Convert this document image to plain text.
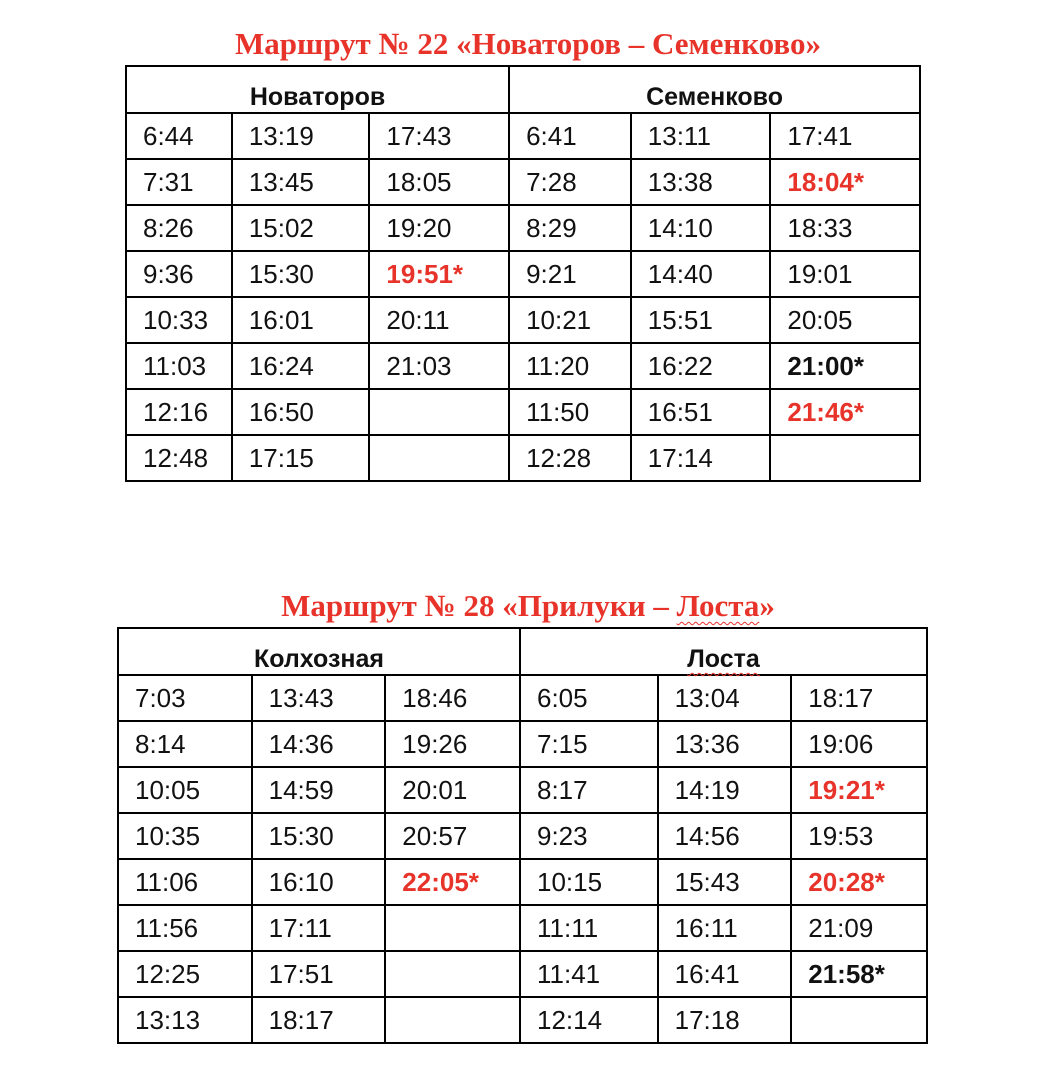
Маршрут № 22 «Новаторов – Семенково»
Новаторов			Семенково		
6:44	13:19	17:43	6:41	13:11	17:41
7:31	13:45	18:05	7:28	13:38	18:04*
8:26	15:02	19:20	8:29	14:10	18:33
9:36	15:30	19:51*	9:21	14:40	19:01
10:33	16:01	20:11	10:21	15:51	20:05
11:03	16:24	21:03	11:20	16:22	21:00*
12:16	16:50		11:50	16:51	21:46*
12:48	17:15		12:28	17:14	
Маршрут № 28 «Прилуки – Лоста»
Колхозная			Лоста		
7:03	13:43	18:46	6:05	13:04	18:17
8:14	14:36	19:26	7:15	13:36	19:06
10:05	14:59	20:01	8:17	14:19	19:21*
10:35	15:30	20:57	9:23	14:56	19:53
11:06	16:10	22:05*	10:15	15:43	20:28*
11:56	17:11		11:11	16:11	21:09
12:25	17:51		11:41	16:41	21:58*
13:13	18:17		12:14	17:18	
